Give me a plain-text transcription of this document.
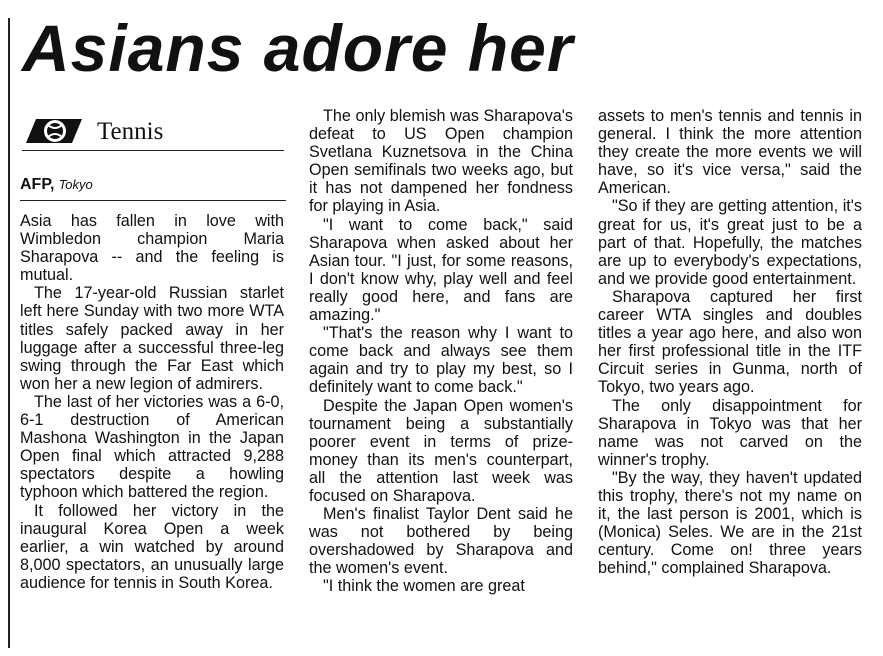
Asians adore her
Tennis
AFP, Tokyo

Asia has fallen in love with Wimbledon champion Maria Sharapova -- and the feeling is mutual.

The 17-year-old Russian starlet left here Sunday with two more WTA titles safely packed away in her luggage after a successful three-leg swing through the Far East which won her a new legion of admirers.

The last of her victories was a 6-0, 6-1 destruction of American Mashona Washington in the Japan Open final which attracted 9,288 spectators despite a howling typhoon which battered the region.

It followed her victory in the inaugural Korea Open a week earlier, a win watched by around 8,000 spectators, an unusually large audience for tennis in South Korea.

The only blemish was Sharapova's defeat to US Open champion Svetlana Kuznetsova in the China Open semifinals two weeks ago, but it has not dampened her fondness for playing in Asia.

"I want to come back," said Sharapova when asked about her Asian tour. "I just, for some reasons, I don't know why, play well and feel really good here, and fans are amazing."

"That's the reason why I want to come back and always see them again and try to play my best, so I definitely want to come back."

Despite the Japan Open women's tournament being a substantially poorer event in terms of prize-money than its men's counterpart, all the attention last week was focused on Sharapova.

Men's finalist Taylor Dent said he was not bothered by being overshadowed by Sharapova and the women's event.

"I think the women are great

assets to men's tennis and tennis in general. I think the more attention they create the more events we will have, so it's vice versa," said the American.

"So if they are getting attention, it's great for us, it's great just to be a part of that. Hopefully, the matches are up to everybody's expectations, and we provide good entertainment.

Sharapova captured her first career WTA singles and doubles titles a year ago here, and also won her first professional title in the ITF Circuit series in Gunma, north of Tokyo, two years ago.

The only disappointment for Sharapova in Tokyo was that her name was not carved on the winner's trophy.

"By the way, they haven't updated this trophy, there's not my name on it, the last person is 2001, which is (Monica) Seles. We are in the 21st century. Come on! three years behind," complained Sharapova.
